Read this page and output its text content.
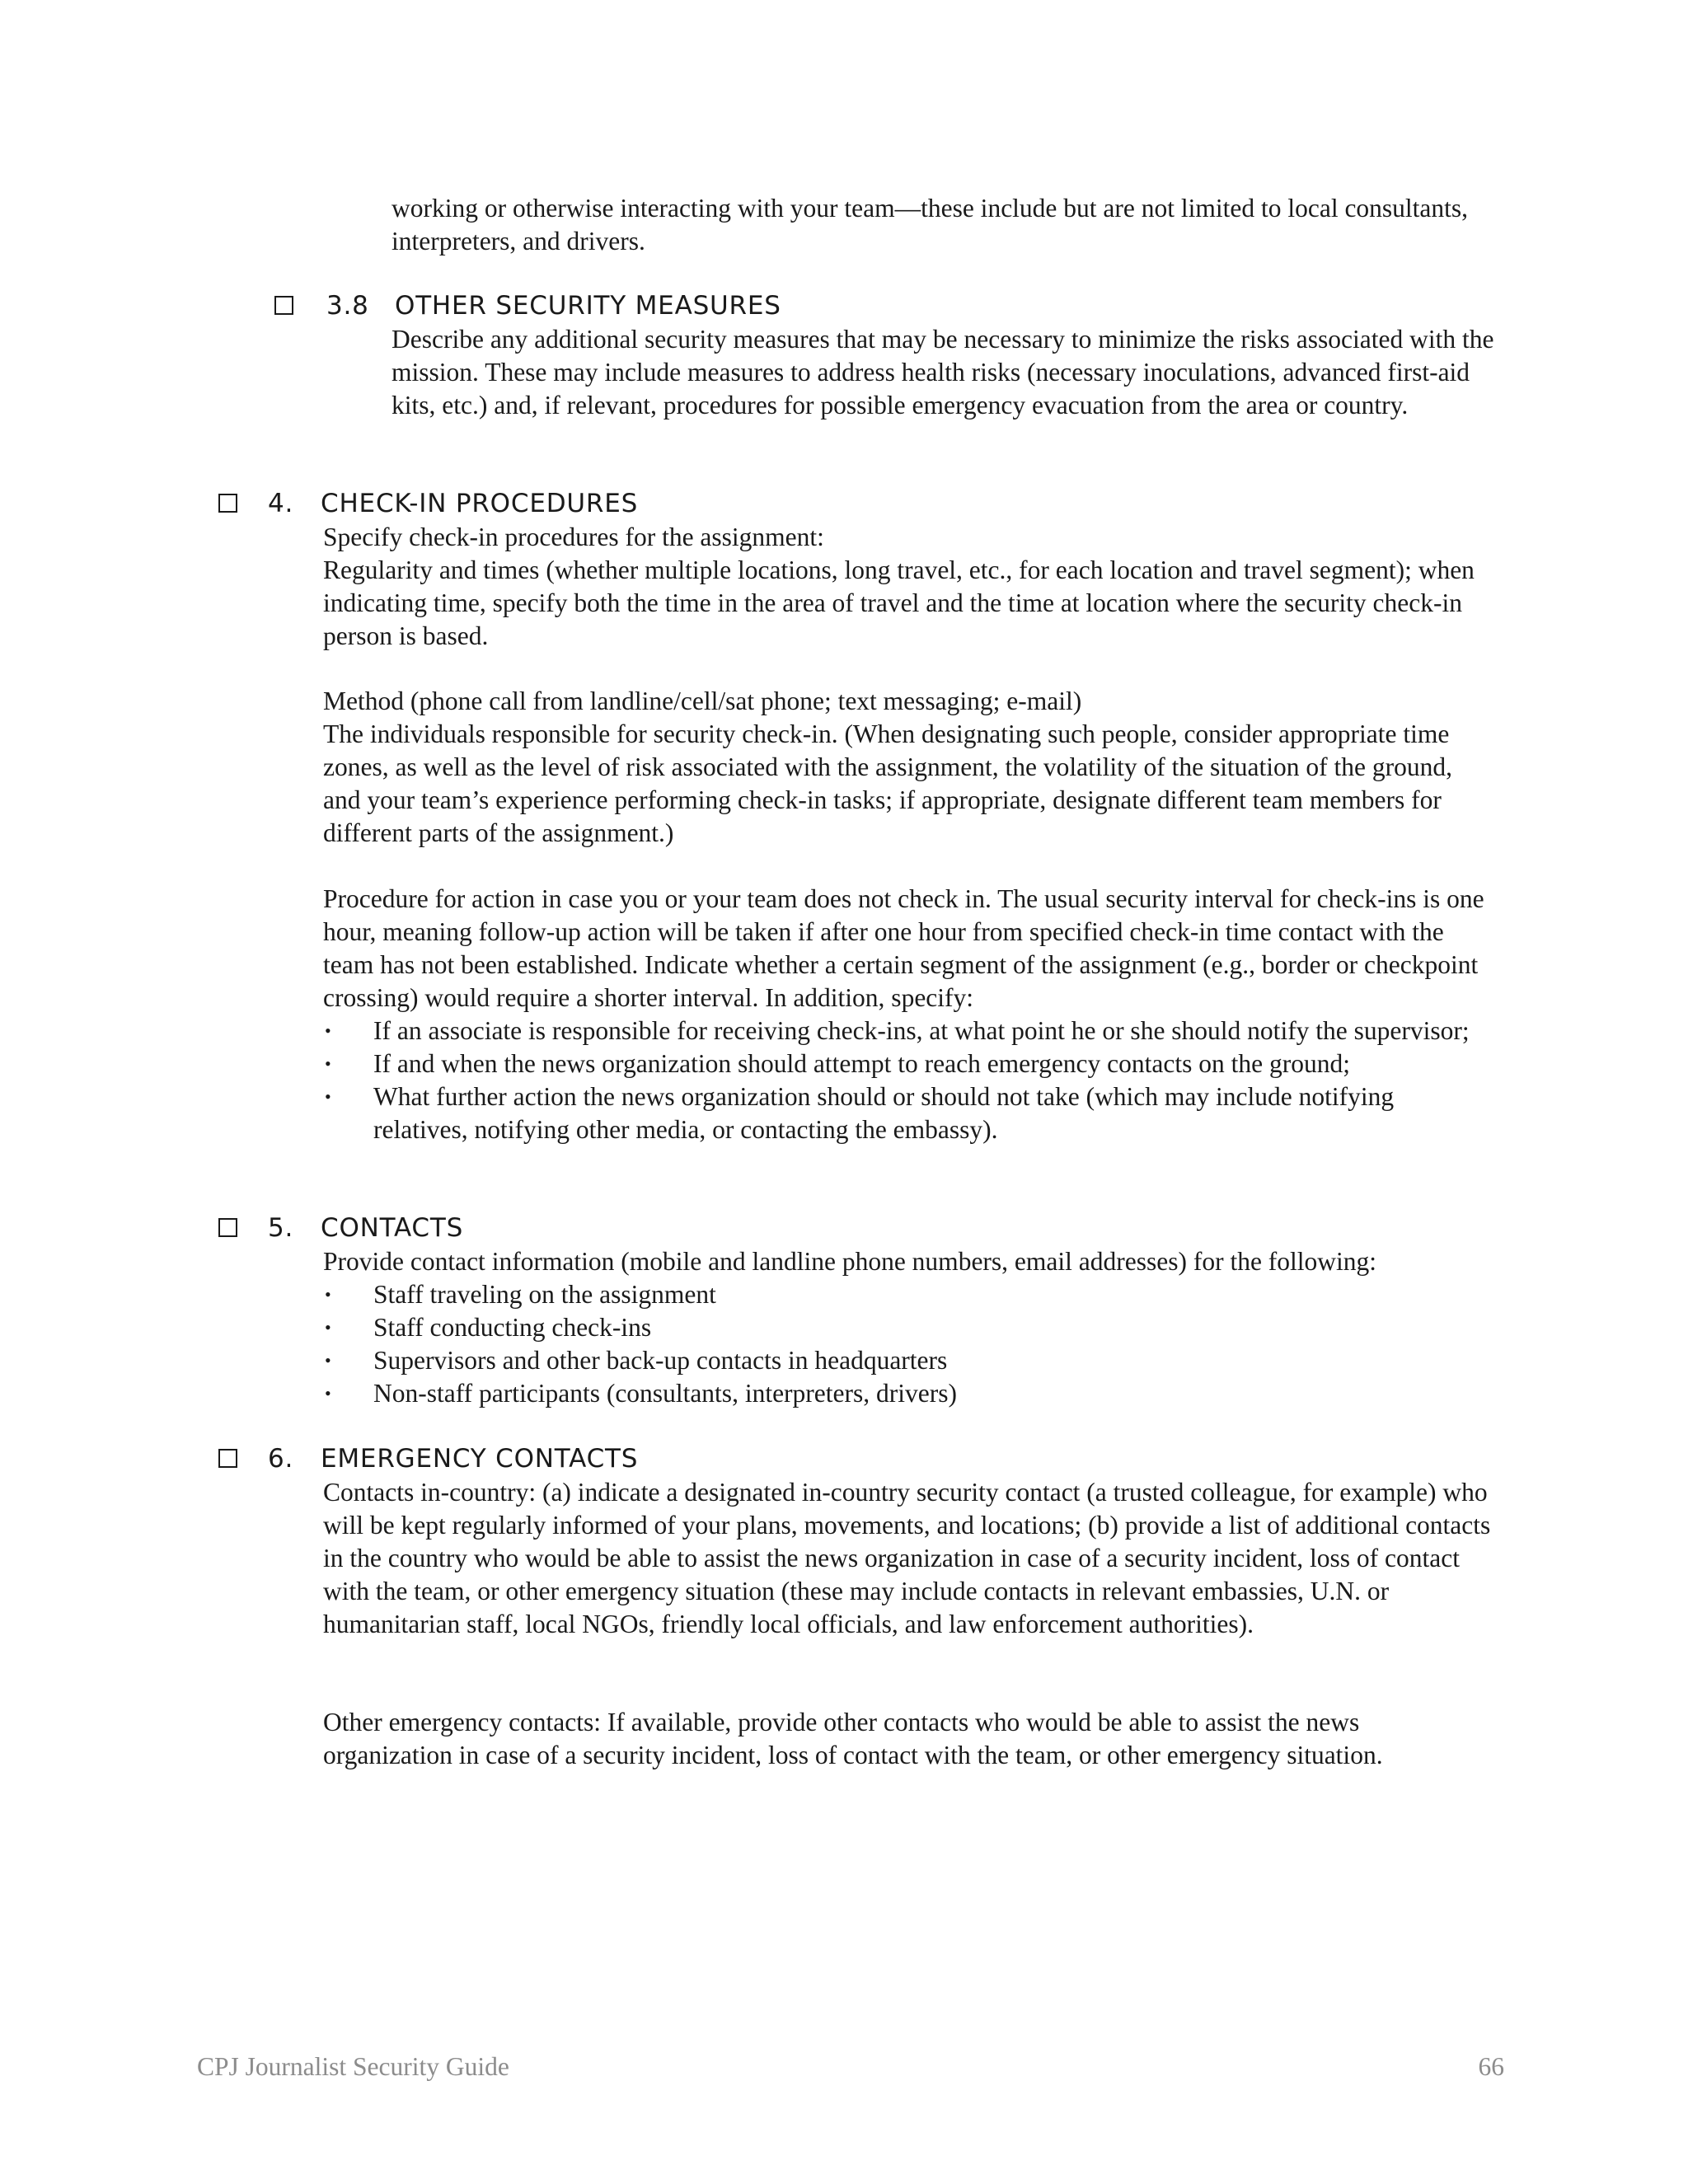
working or otherwise interacting with your team—these include but are not limited to local consultants, interpreters, and drivers.

3.8 OTHER SECURITY MEASURES

Describe any additional security measures that may be necessary to minimize the risks associated with the mission. These may include measures to address health risks (necessary inoculations, advanced first-aid kits, etc.) and, if relevant, procedures for possible emergency evacuation from the area or country.

4. CHECK-IN PROCEDURES

Specify check-in procedures for the assignment:

Regularity and times (whether multiple locations, long travel, etc., for each location and travel segment); when indicating time, specify both the time in the area of travel and the time at location where the security check-in person is based.

Method (phone call from landline/cell/sat phone; text messaging; e-mail)

The individuals responsible for security check-in. (When designating such people, consider appropriate time zones, as well as the level of risk associated with the assignment, the volatility of the situation of the ground, and your team’s experience performing check-in tasks; if appropriate, designate different team members for different parts of the assignment.)

Procedure for action in case you or your team does not check in. The usual security interval for check-ins is one hour, meaning follow-up action will be taken if after one hour from specified check-in time contact with the team has not been established. Indicate whether a certain segment of the assignment (e.g., border or checkpoint crossing) would require a shorter interval. In addition, specify:

• If an associate is responsible for receiving check-ins, at what point he or she should notify the supervisor;
• If and when the news organization should attempt to reach emergency contacts on the ground;
• What further action the news organization should or should not take (which may include notifying relatives, notifying other media, or contacting the embassy).
5. CONTACTS

Provide contact information (mobile and landline phone numbers, email addresses) for the following:

• Staff traveling on the assignment
• Staff conducting check-ins
• Supervisors and other back-up contacts in headquarters
• Non-staff participants (consultants, interpreters, drivers)
6. EMERGENCY CONTACTS

Contacts in-country: (a) indicate a designated in-country security contact (a trusted colleague, for example) who will be kept regularly informed of your plans, movements, and locations; (b) provide a list of additional contacts in the country who would be able to assist the news organization in case of a security incident, loss of contact with the team, or other emergency situation (these may include contacts in relevant embassies, U.N. or humanitarian staff, local NGOs, friendly local officials, and law enforcement authorities).

Other emergency contacts: If available, provide other contacts who would be able to assist the news organization in case of a security incident, loss of contact with the team, or other emergency situation.

CPJ Journalist Security Guide	66
